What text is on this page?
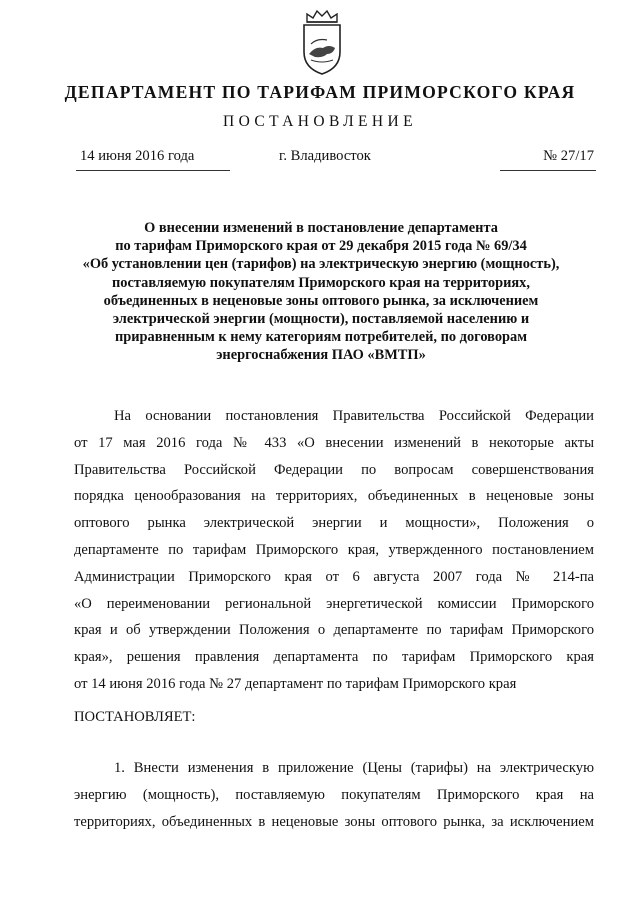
ДЕПАРТАМЕНТ ПО ТАРИФАМ ПРИМОРСКОГО КРАЯ
ПОСТАНОВЛЕНИЕ
14 июня 2016 года	г. Владивосток	№ 27/17
О внесении изменений в постановление департамента
по тарифам Приморского края от 29 декабря 2015 года № 69/34
«Об установлении цен (тарифов) на электрическую энергию (мощность),
поставляемую покупателям Приморского края на территориях,
объединенных в неценовые зоны оптового рынка, за исключением
электрической энергии (мощности), поставляемой населению и
приравненным к нему категориям потребителей, по договорам
энергоснабжения ПАО «ВМТП»
На основании постановления Правительства Российской Федерации
от 17 мая 2016 года № 433 «О внесении изменений в некоторые акты
Правительства Российской Федерации по вопросам совершенствования
порядка ценообразования на территориях, объединенных в неценовые зоны
оптового рынка электрической энергии и мощности», Положения о
департаменте по тарифам Приморского края, утвержденного постановлением
Администрации Приморского края от 6 августа 2007 года № 214-па
«О переименовании региональной энергетической комиссии Приморского
края и об утверждении Положения о департаменте по тарифам Приморского
края», решения правления департамента по тарифам Приморского края
от 14 июня 2016 года № 27 департамент по тарифам Приморского края
ПОСТАНОВЛЯЕТ:
1. Внести изменения в приложение (Цены (тарифы) на электрическую
энергию (мощность), поставляемую покупателям Приморского края на
территориях, объединенных в неценовые зоны оптового рынка, за исключением
